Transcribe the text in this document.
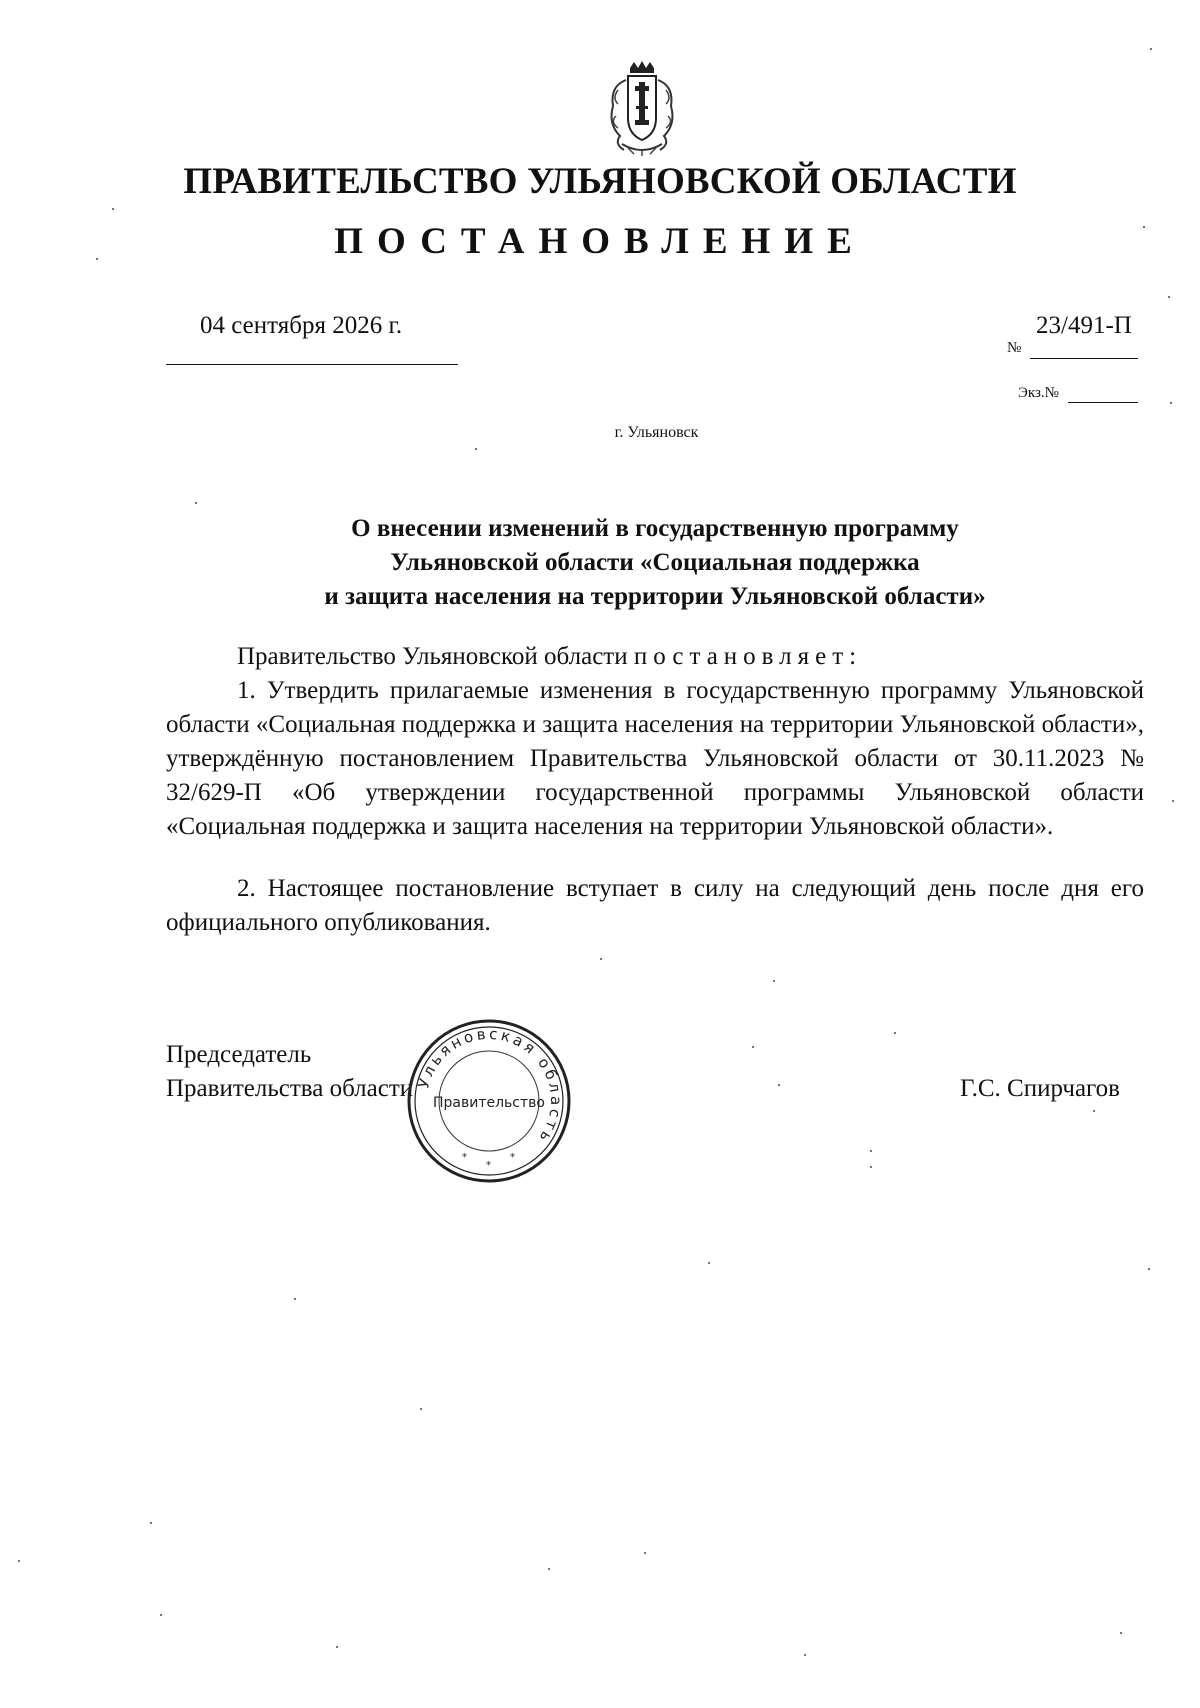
ПРАВИТЕЛЬСТВО УЛЬЯНОВСКОЙ ОБЛАСТИ
ПОСТАНОВЛЕНИЕ
04 сентября 2026 г.
№
23/491-П
Экз.№
г. Ульяновск
О внесении изменений в государственную программу
Ульяновской области «Социальная поддержка
и защита населения на территории Ульяновской области»
Правительство Ульяновской области постановляет:
1. Утвердить прилагаемые изменения в государственную программу Ульяновской области «Социальная поддержка и защита населения на территории Ульяновской области», утверждённую постановлением Правительства Ульяновской области от 30.11.2023 № 32/629-П «Об утверждении государственной программы Ульяновской области «Социальная поддержка и защита населения на территории Ульяновской области».
2. Настоящее постановление вступает в силу на следующий день после дня его официального опубликования.
Председатель
Правительства области	Г.С. Спирчагов
Ульяновская область
Правительство
*
*
*
